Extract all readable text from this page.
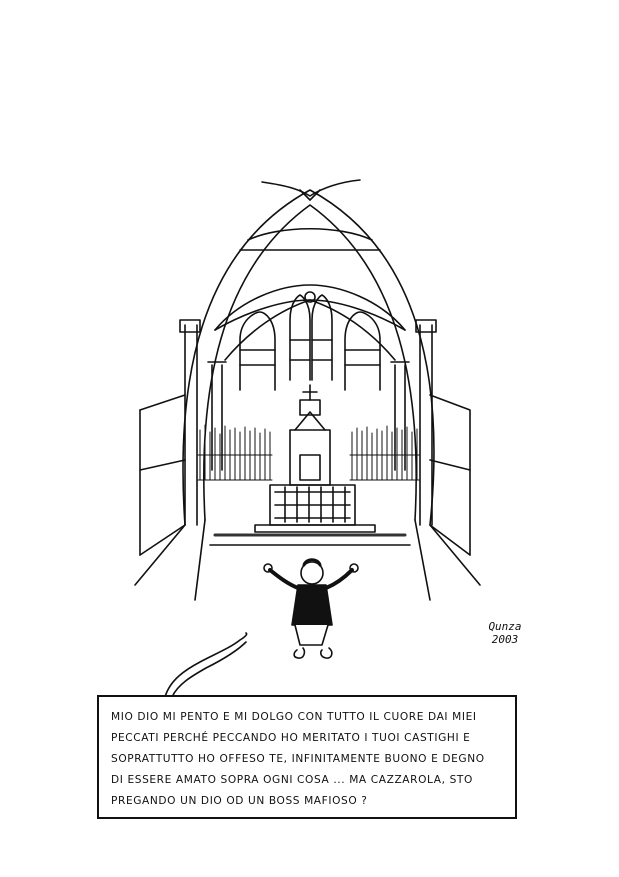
Qunza
2003
MIO DIO MI PENTO E MI DOLGO CON TUTTO IL CUORE DAI MIEI
PECCATI PERCHÉ PECCANDO HO MERITATO I TUOI CASTIGHI E
SOPRATTUTTO HO OFFESO TE, INFINITAMENTE BUONO E DEGNO
DI ESSERE AMATO SOPRA OGNI COSA ... MA CAZZAROLA, STO
PREGANDO UN DIO OD UN BOSS MAFIOSO ?
